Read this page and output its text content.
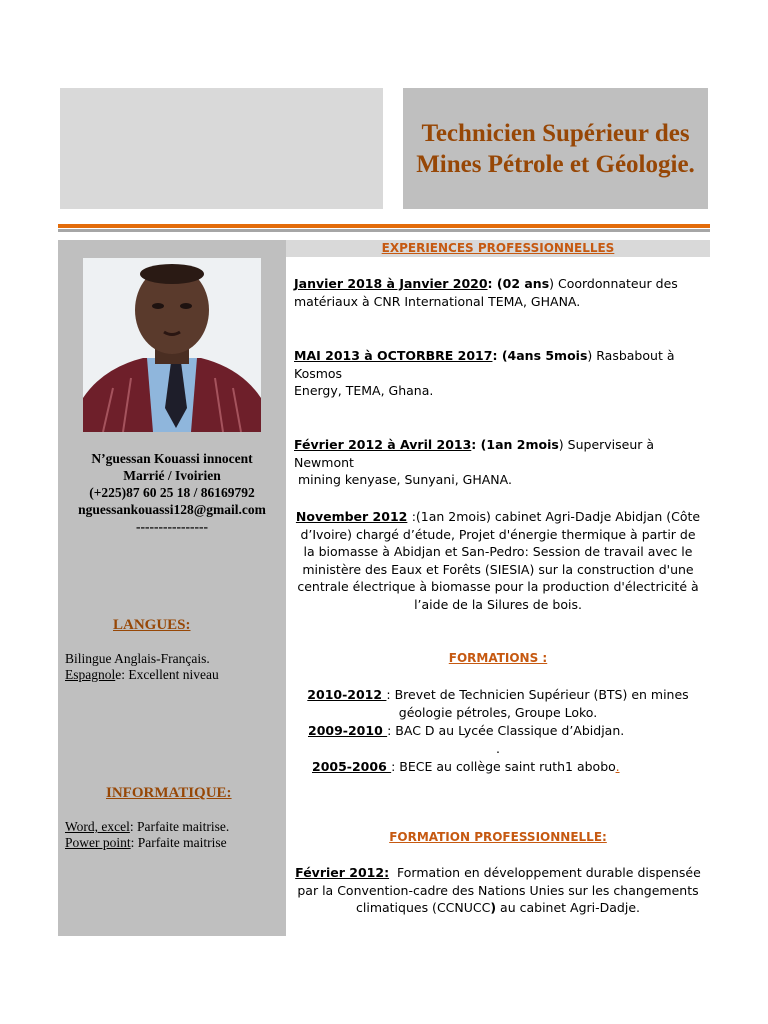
Technicien Supérieur des Mines Pétrole et Géologie.
EXPERIENCES PROFESSIONNELLES
N’guessan Kouassi innocent
Marrié / Ivoirien
(+225)87 60 25 18 / 86169792
nguessankouassi128@gmail.com
----------------
LANGUES:
Bilingue Anglais-Français.
Espagnole: Excellent niveau
INFORMATIQUE:
Word, excel: Parfaite maitrise.
Power point: Parfaite maitrise
Janvier 2018 à Janvier 2020: (02 ans) Coordonnateur des
matériaux à CNR International TEMA, GHANA.
MAI 2013 à OCTORBRE 2017: (4ans 5mois) Rasbabout à Kosmos
Energy, TEMA, Ghana.
Février 2012 à Avril 2013: (1an 2mois) Superviseur à Newmont
mining kenyase, Sunyani, GHANA.
November 2012 :(1an 2mois) cabinet Agri-Dadje Abidjan (Côte
d’Ivoire) chargé d’étude, Projet d'énergie thermique à partir de
la biomasse à Abidjan et San-Pedro: Session de travail avec le
ministère des Eaux et Forêts (SIESIA) sur la construction d'une
centrale électrique à biomasse pour la production d'électricité à
l’aide de la Silures de bois.
FORMATIONS :
2010-2012 : Brevet de Technicien Supérieur (BTS) en mines
géologie pétroles, Groupe Loko.
2009-2010 : BAC D au Lycée Classique d’Abidjan.
.
2005-2006 : BECE au collège saint ruth1 abobo.
FORMATION PROFESSIONNELLE:
Février 2012:  Formation en développement durable dispensée
par la Convention-cadre des Nations Unies sur les changements
climatiques (CCNUCC) au cabinet Agri-Dadje.
